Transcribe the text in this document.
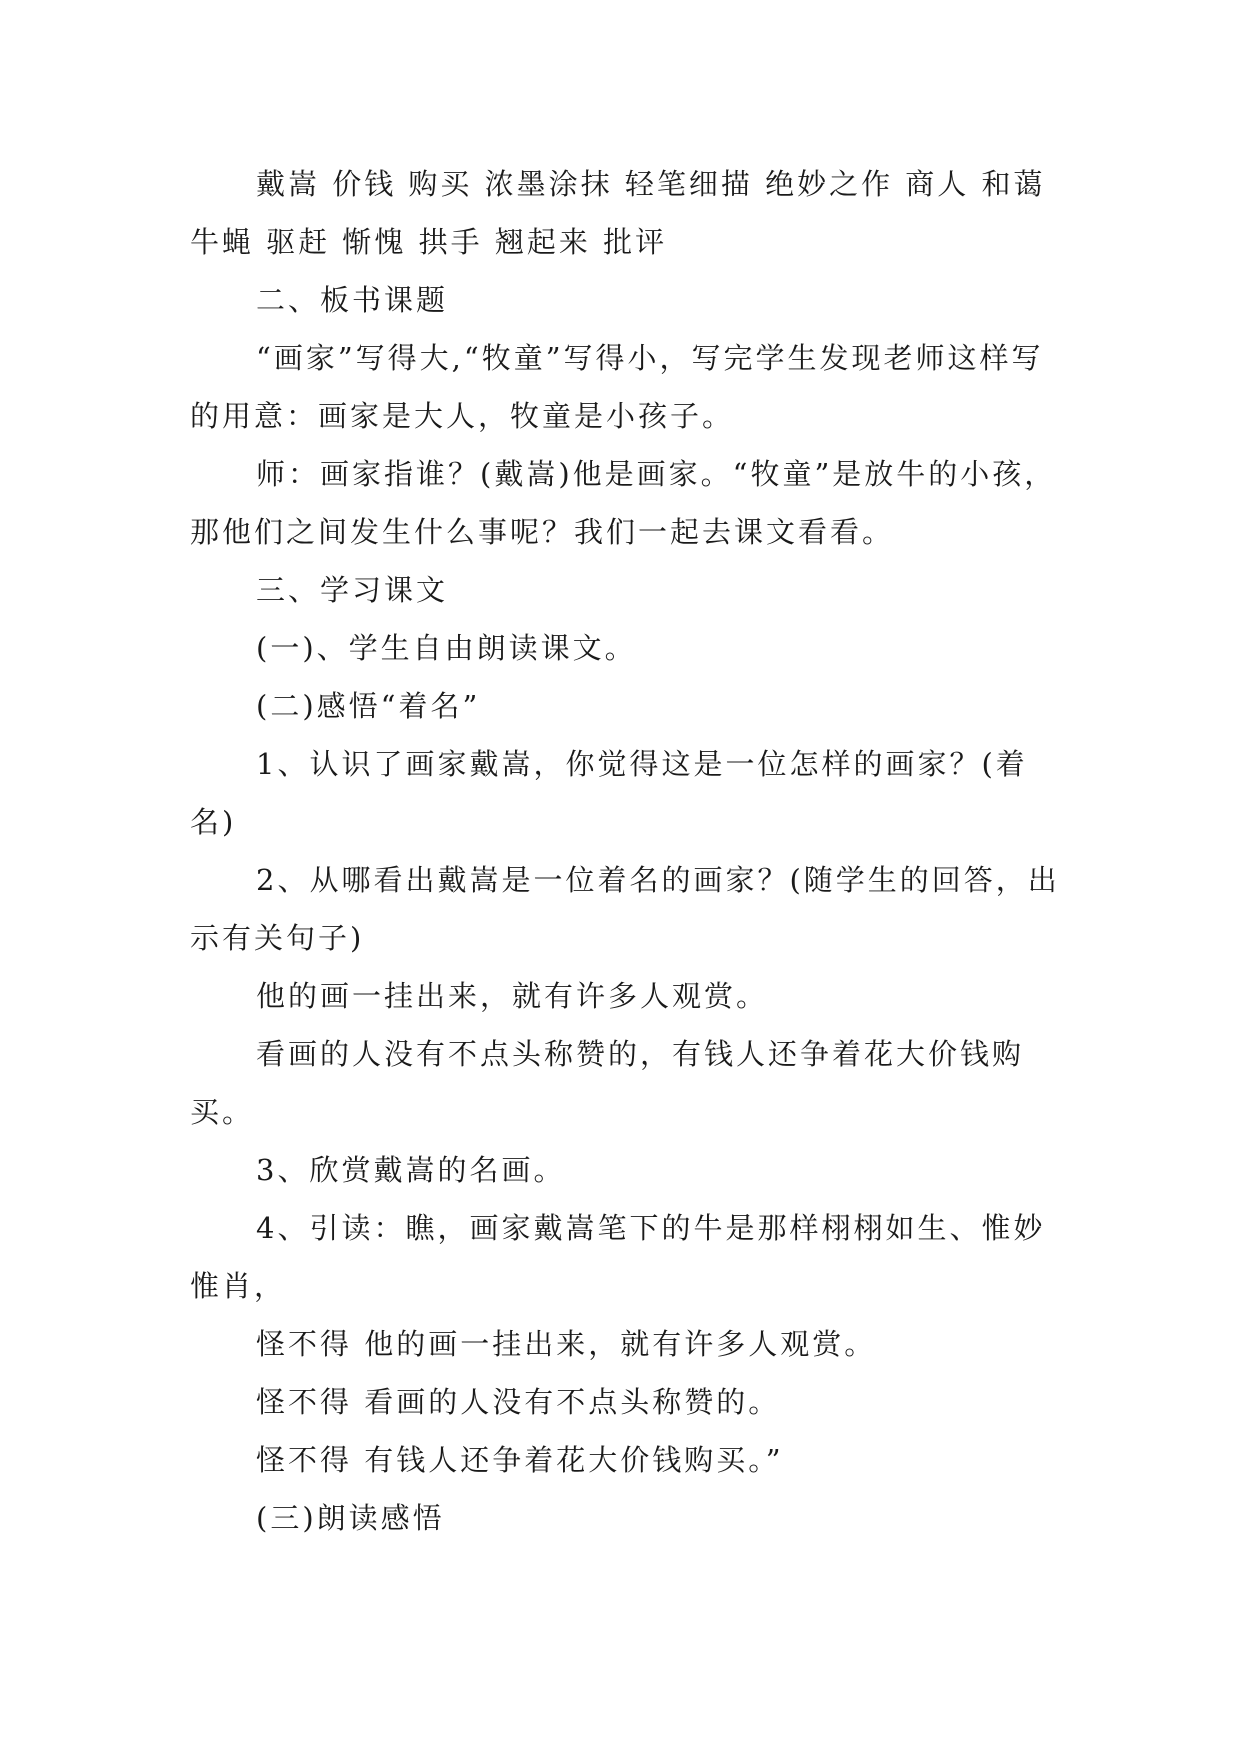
戴嵩 价钱 购买 浓墨涂抹 轻笔细描 绝妙之作 商人 和蔼 牛蝇 驱赶 惭愧 拱手 翘起来 批评

二、板书课题

“画家”写得大,“牧童”写得小，写完学生发现老师这样写的用意：画家是大人，牧童是小孩子。

师：画家指谁？(戴嵩)他是画家。“牧童”是放牛的小孩，那他们之间发生什么事呢？我们一起去课文看看。

三、学习课文

(一)、学生自由朗读课文。

(二)感悟“着名”

1、认识了画家戴嵩，你觉得这是一位怎样的画家？(着名)

2、从哪看出戴嵩是一位着名的画家？(随学生的回答，出示有关句子)

他的画一挂出来，就有许多人观赏。

看画的人没有不点头称赞的，有钱人还争着花大价钱购买。

3、欣赏戴嵩的名画。

4、引读：瞧，画家戴嵩笔下的牛是那样栩栩如生、惟妙惟肖，

怪不得 他的画一挂出来，就有许多人观赏。

怪不得 看画的人没有不点头称赞的。

怪不得 有钱人还争着花大价钱购买。”

(三)朗读感悟
